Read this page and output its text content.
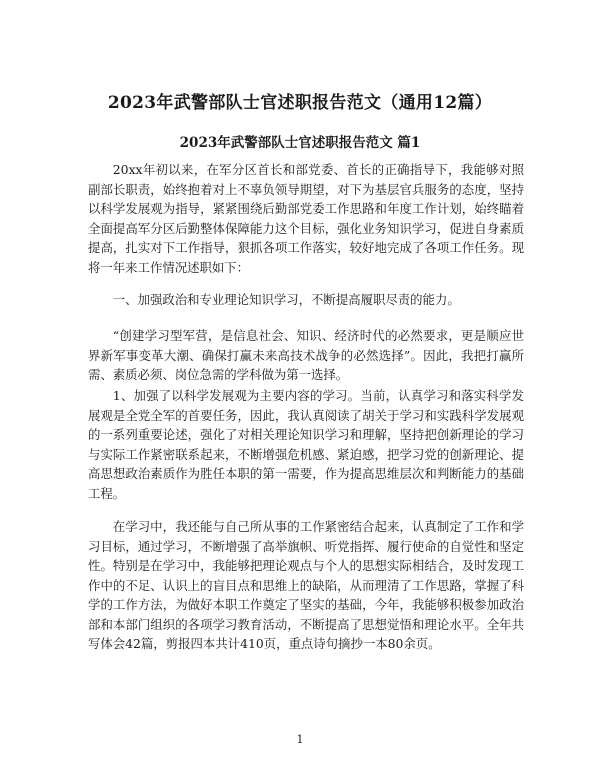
2023年武警部队士官述职报告范文（通用12篇）
2023年武警部队士官述职报告范文 篇1

20xx年初以来，在军分区首长和部党委、首长的正确指导下，我能够对照副部长职责，始终抱着对上不辜负领导期望，对下为基层官兵服务的态度，坚持以科学发展观为指导，紧紧围绕后勤部党委工作思路和年度工作计划，始终瞄着全面提高军分区后勤整体保障能力这个目标，强化业务知识学习，促进自身素质提高，扎实对下工作指导，狠抓各项工作落实，较好地完成了各项工作任务。现将一年来工作情况述职如下：

一、加强政治和专业理论知识学习，不断提高履职尽责的能力。

“创建学习型军营，是信息社会、知识、经济时代的必然要求，更是顺应世界新军事变革大潮、确保打赢未来高技术战争的必然选择”。因此，我把打赢所需、素质必须、岗位急需的学科做为第一选择。

1、加强了以科学发展观为主要内容的学习。当前，认真学习和落实科学发展观是全党全军的首要任务，因此，我认真阅读了胡关于学习和实践科学发展观的一系列重要论述，强化了对相关理论知识学习和理解，坚持把创新理论的学习与实际工作紧密联系起来，不断增强危机感、紧迫感，把学习党的创新理论、提高思想政治素质作为胜任本职的第一需要，作为提高思维层次和判断能力的基础工程。

在学习中，我还能与自己所从事的工作紧密结合起来，认真制定了工作和学习目标，通过学习，不断增强了高举旗帜、听党指挥、履行使命的自觉性和坚定性。特别是在学习中，我能够把理论观点与个人的思想实际相结合，及时发现工作中的不足、认识上的盲目点和思维上的缺陷，从而理清了工作思路，掌握了科学的工作方法，为做好本职工作奠定了坚实的基础，今年，我能够积极参加政治部和本部门组织的各项学习教育活动，不断提高了思想觉悟和理论水平。全年共写体会42篇，剪报四本共计410页，重点诗句摘抄一本80余页。

1
